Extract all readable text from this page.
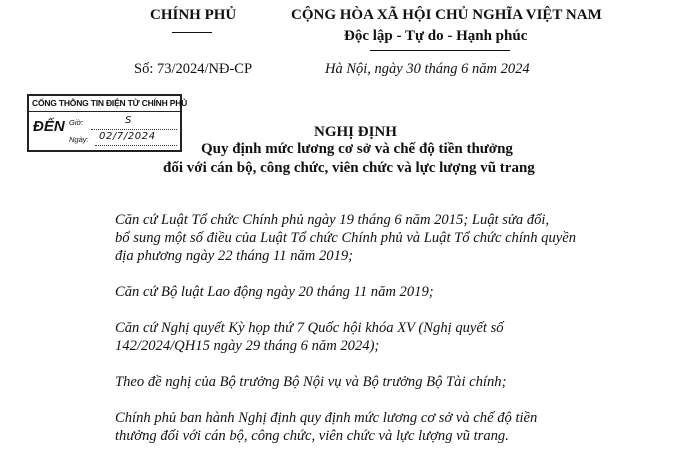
CHÍNH PHỦ	CỘNG HÒA XÃ HỘI CHỦ NGHĨA VIỆT NAM
Độc lập - Tự do - Hạnh phúc
Số: 73/2024/NĐ-CP	Hà Nội, ngày 30 tháng 6 năm 2024
CỔNG THÔNG TIN ĐIỆN TỬ CHÍNH PHỦ
ĐẾN Giờ:	S
Ngày: 02/7/2024	NGHỊ ĐỊNH
Quy định mức lương cơ sở và chế độ tiền thưởng
đối với cán bộ, công chức, viên chức và lực lượng vũ trang
Căn cứ Luật Tổ chức Chính phủ ngày 19 tháng 6 năm 2015; Luật sửa đổi,
bổ sung một số điều của Luật Tổ chức Chính phủ và Luật Tổ chức chính quyền
địa phương ngày 22 tháng 11 năm 2019;
Căn cứ Bộ luật Lao động ngày 20 tháng 11 năm 2019;
Căn cứ Nghị quyết Kỳ họp thứ 7 Quốc hội khóa XV (Nghị quyết số
142/2024/QH15 ngày 29 tháng 6 năm 2024);
Theo đề nghị của Bộ trưởng Bộ Nội vụ và Bộ trưởng Bộ Tài chính;
Chính phủ ban hành Nghị định quy định mức lương cơ sở và chế độ tiền
thưởng đối với cán bộ, công chức, viên chức và lực lượng vũ trang.
